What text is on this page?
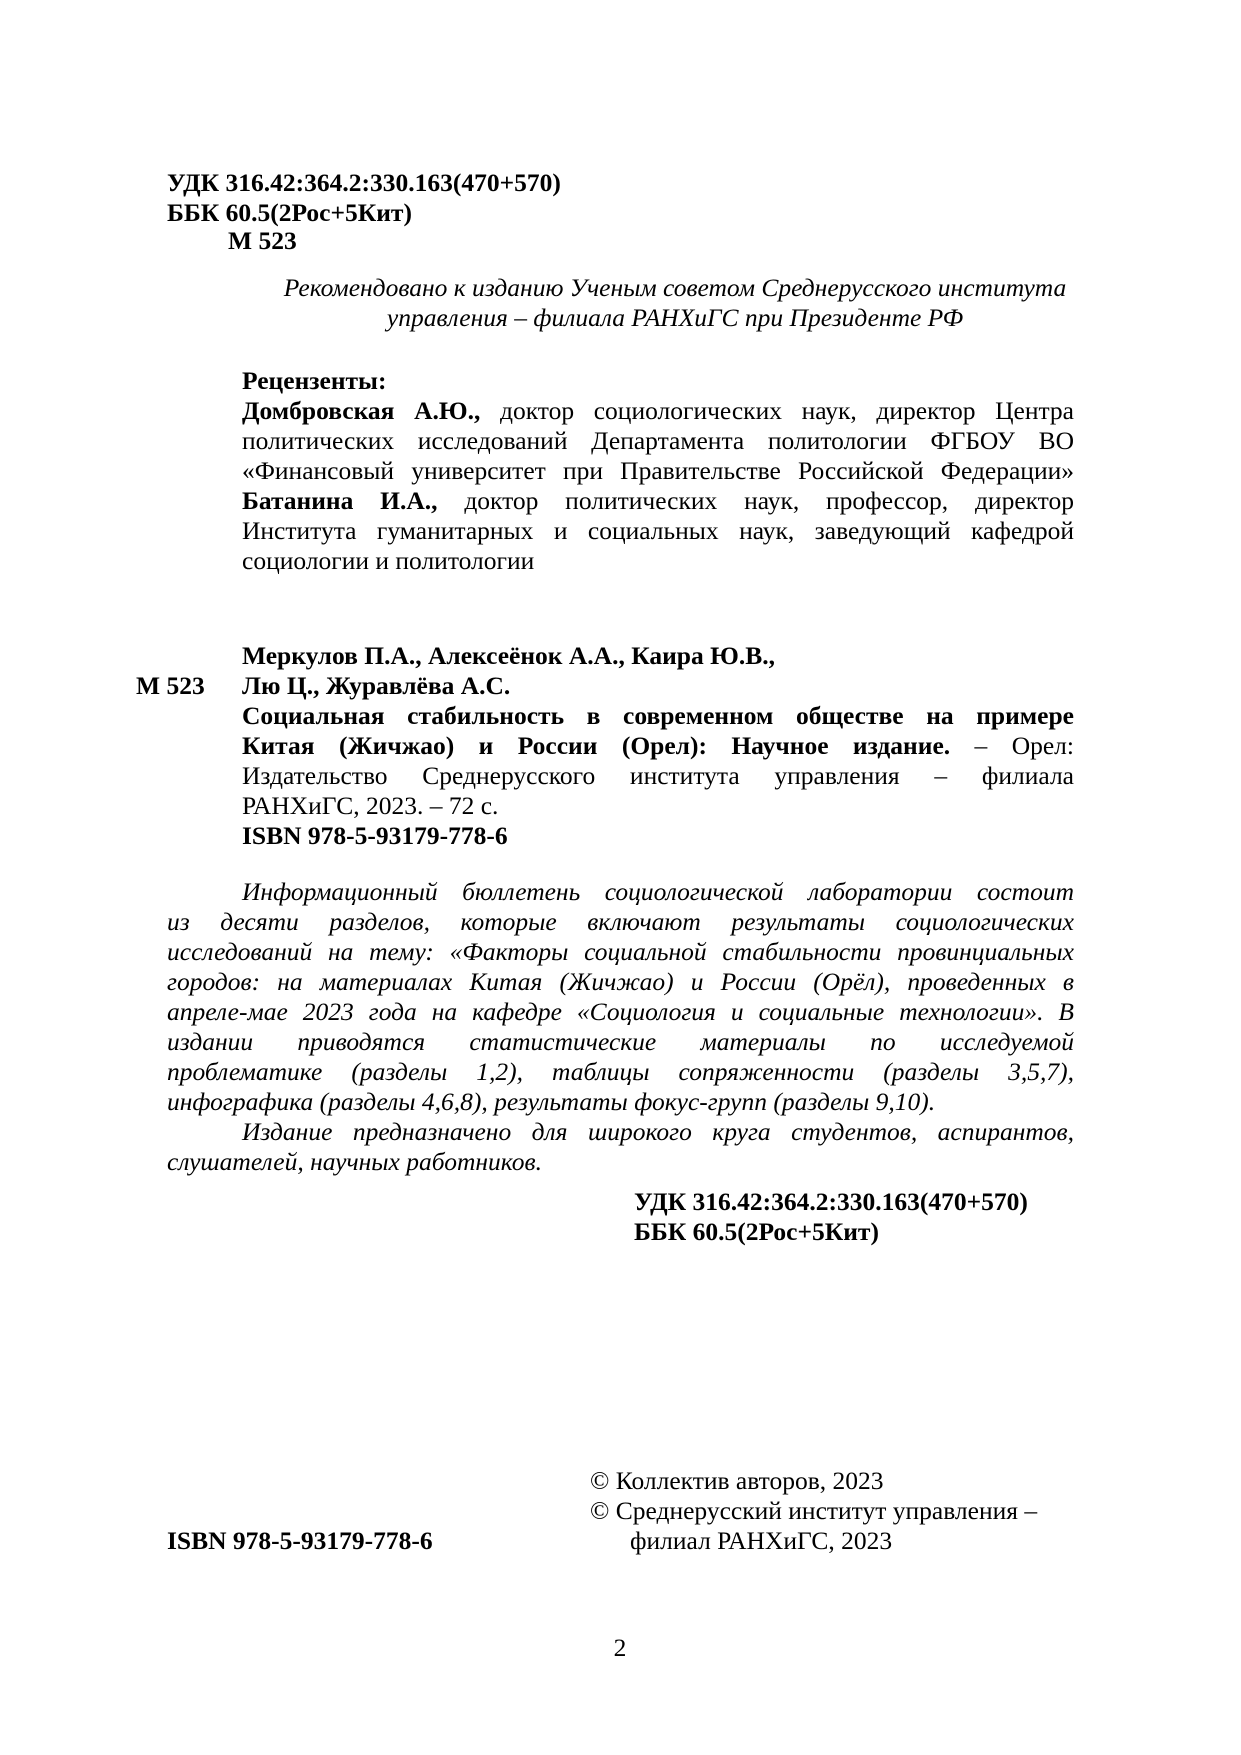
УДК 316.42:364.2:330.163(470+570)
ББК 60.5(2Рос+5Кит)
М 523
Рекомендовано к изданию Ученым советом Среднерусского института
управления – филиала РАНХиГС при Президенте РФ
Рецензенты:
Домбровская А.Ю., доктор социологических наук, директор Центра
политических исследований Департамента политологии ФГБОУ ВО
«Финансовый университет при Правительстве Российской Федерации»
Батанина И.А., доктор политических наук, профессор, директор
Института гуманитарных и социальных наук, заведующий кафедрой
социологии и политологии
Меркулов П.А., Алексеёнок А.А., Каира Ю.В.,
М 523 Лю Ц., Журавлёва А.С.
Социальная стабильность в современном обществе на примере
Китая (Жичжао) и России (Орел): Научное издание. – Орел:
Издательство Среднерусского института управления – филиала
РАНХиГС, 2023. – 72 с.
ISBN 978-5-93179-778-6
Информационный бюллетень социологической лаборатории состоит
из десяти разделов, которые включают результаты социологических
исследований на тему: «Факторы социальной стабильности провинциальных
городов: на материалах Китая (Жичжао) и России (Орёл), проведенных в
апреле-мае 2023 года на кафедре «Социология и социальные технологии». В
издании приводятся статистические материалы по исследуемой
проблематике (разделы 1,2), таблицы сопряженности (разделы 3,5,7),
инфографика (разделы 4,6,8), результаты фокус-групп (разделы 9,10).
Издание предназначено для широкого круга студентов, аспирантов,
слушателей, научных работников.
УДК 316.42:364.2:330.163(470+570)
ББК 60.5(2Рос+5Кит)
© Коллектив авторов, 2023
© Среднерусский институт управления –
филиал РАНХиГС, 2023
ISBN 978-5-93179-778-6
2
